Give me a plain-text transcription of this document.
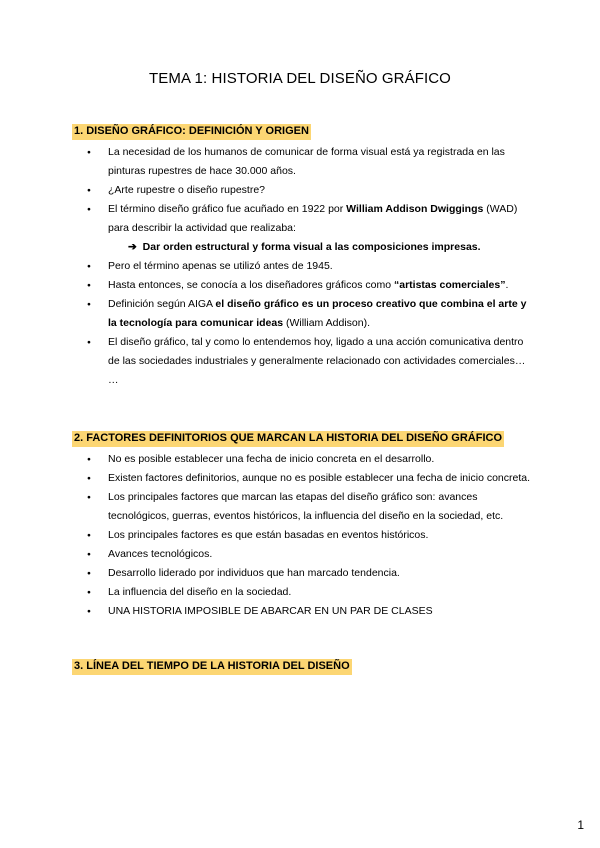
TEMA 1: HISTORIA DEL DISEÑO GRÁFICO
1. DISEÑO GRÁFICO: DEFINICIÓN Y ORIGEN
● La necesidad de los humanos de comunicar de forma visual está ya registrada en las pinturas rupestres de hace 30.000 años.
● ¿Arte rupestre o diseño rupestre?
● El término diseño gráfico fue acuñado en 1922 por William Addison Dwiggings (WAD) para describir la actividad que realizaba:
➔ Dar orden estructural y forma visual a las composiciones impresas.
● Pero el término apenas se utilizó antes de 1945.
● Hasta entonces, se conocía a los diseñadores gráficos como “artistas comerciales”.
● Definición según AIGA el diseño gráfico es un proceso creativo que combina el arte y la tecnología para comunicar ideas (William Addison).
● El diseño gráfico, tal y como lo entendemos hoy, ligado a una acción comunicativa dentro de las sociedades industriales y generalmente relacionado con actividades comerciales… …
2. FACTORES DEFINITORIOS QUE MARCAN LA HISTORIA DEL DISEÑO GRÁFICO
● No es posible establecer una fecha de inicio concreta en el desarrollo.
● Existen factores definitorios, aunque no es posible establecer una fecha de inicio concreta.
● Los principales factores que marcan las etapas del diseño gráfico son: avances tecnológicos, guerras, eventos históricos, la influencia del diseño en la sociedad, etc.
● Los principales factores es que están basadas en eventos históricos.
● Avances tecnológicos.
● Desarrollo liderado por individuos que han marcado tendencia.
● La influencia del diseño en la sociedad.
● UNA HISTORIA IMPOSIBLE DE ABARCAR EN UN PAR DE CLASES
3. LÍNEA DEL TIEMPO DE LA HISTORIA DEL DISEÑO
1
